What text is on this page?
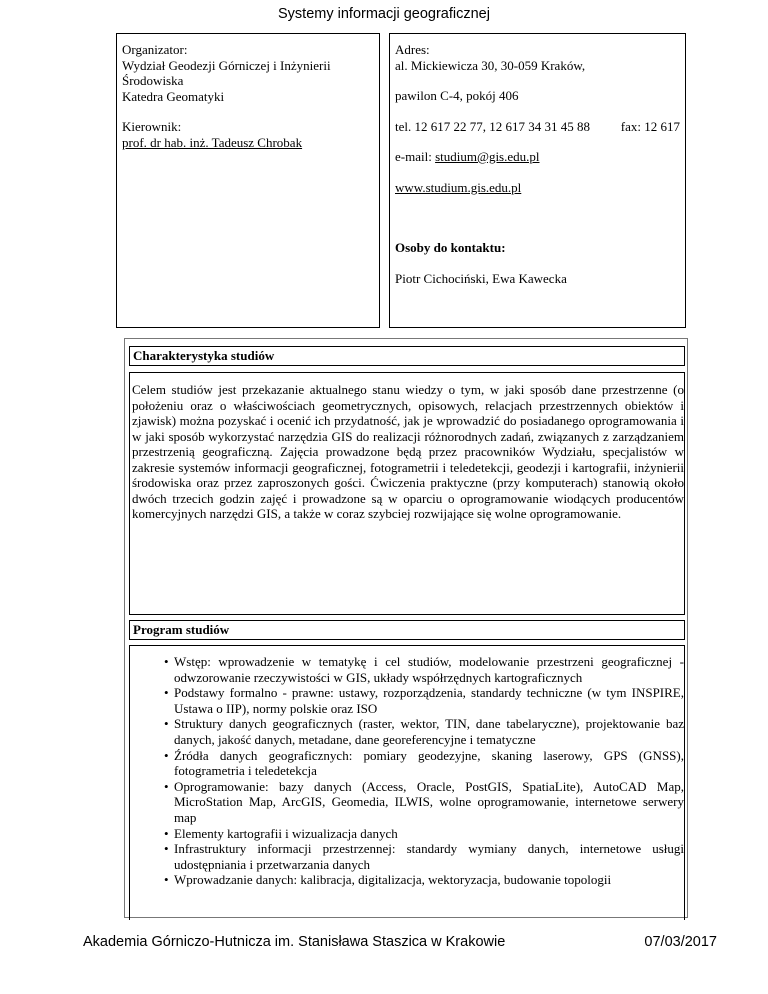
Systemy informacji geograficznej
Organizator:
Wydział Geodezji Górniczej i Inżynierii
Środowiska
Katedra Geomatyki
Kierownik:
prof. dr hab. inż. Tadeusz Chrobak
Adres:
al. Mickiewicza 30, 30-059 Kraków,
pawilon C-4, pokój 406
tel. 12 617 22 77, 12 617 34 31 45 88	fax: 12 617
e-mail: studium@gis.edu.pl
www.studium.gis.edu.pl
Osoby do kontaktu:
Piotr Cichociński, Ewa Kawecka
Charakterystyka studiów
Celem studiów jest przekazanie aktualnego stanu wiedzy o tym, w jaki sposób dane przestrzenne (o położeniu oraz o właściwościach geometrycznych, opisowych, relacjach przestrzennych obiektów i zjawisk) można pozyskać i ocenić ich przydatność, jak je wprowadzić do posiadanego oprogramowania i w jaki sposób wykorzystać narzędzia GIS do realizacji różnorodnych zadań, związanych z zarządzaniem przestrzenią geograficzną. Zajęcia prowadzone będą przez pracowników Wydziału, specjalistów w zakresie systemów informacji geograficznej, fotogrametrii i teledetekcji, geodezji i kartografii, inżynierii środowiska oraz przez zaproszonych gości. Ćwiczenia praktyczne (przy komputerach) stanowią około dwóch trzecich godzin zajęć i prowadzone są w oparciu o oprogramowanie wiodących producentów komercyjnych narzędzi GIS, a także w coraz szybciej rozwijające się wolne oprogramowanie.
Program studiów
• Wstęp: wprowadzenie w tematykę i cel studiów, modelowanie przestrzeni geograficznej - odwzorowanie rzeczywistości w GIS, układy współrzędnych kartograficznych
• Podstawy formalno - prawne: ustawy, rozporządzenia, standardy techniczne (w tym INSPIRE, Ustawa o IIP), normy polskie oraz ISO
• Struktury danych geograficznych (raster, wektor, TIN, dane tabelaryczne), projektowanie baz danych, jakość danych, metadane, dane georeferencyjne i tematyczne
• Źródła danych geograficznych: pomiary geodezyjne, skaning laserowy, GPS (GNSS), fotogrametria i teledetekcja
• Oprogramowanie: bazy danych (Access, Oracle, PostGIS, SpatiaLite), AutoCAD Map, MicroStation Map, ArcGIS, Geomedia, ILWIS, wolne oprogramowanie, internetowe serwery map
• Elementy kartografii i wizualizacja danych
• Infrastruktury informacji przestrzennej: standardy wymiany danych, internetowe usługi udostępniania i przetwarzania danych
• Wprowadzanie danych: kalibracja, digitalizacja, wektoryzacja, budowanie topologii
Akademia Górniczo-Hutnicza im. Stanisława Staszica w Krakowie	07/03/2017
